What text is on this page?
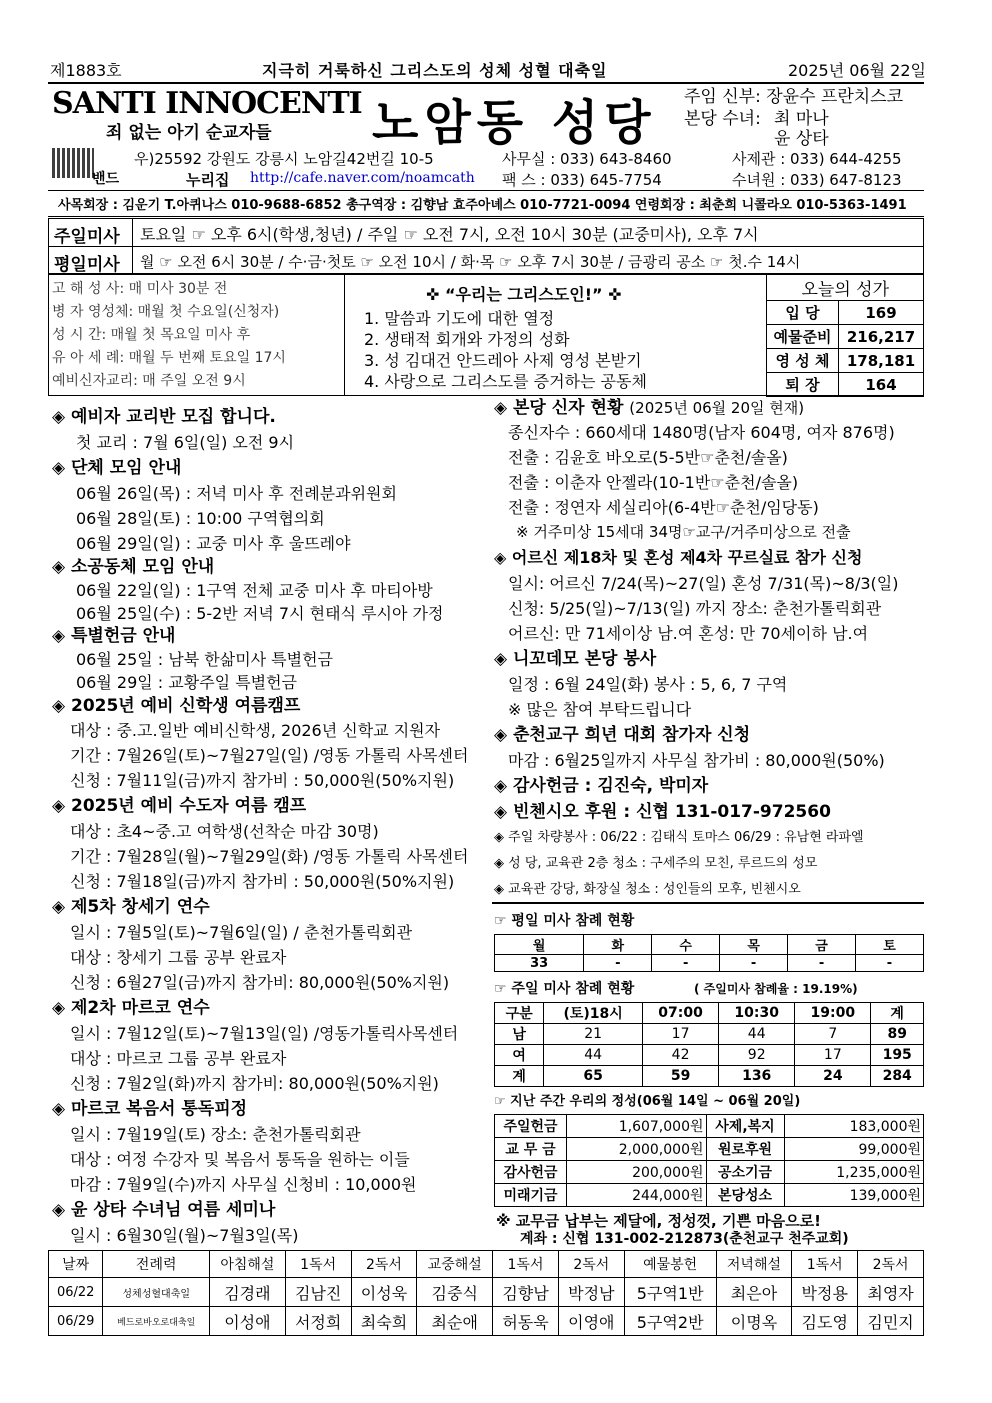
제1883호	지극히 거룩하신 그리스도의 성체 성혈 대축일	2025년 06월 22일
SANTI INNOCENTI
죄 없는 아기 순교자들 노암동 성당 주임 신부: 장윤수 프란치스코
본당 수녀: 최 마나
윤 상타
밴드
우)25592 강원도 강릉시 노암길42번길 10-5
누리집 http://cafe.naver.com/noamcath
사무실 : 033) 643-8460
팩 스 : 033) 645-7754
사제관 : 033) 644-4255
수녀원 : 033) 647-8123
사목회장 : 김운기 T.아퀴나스 010-9688-6852 총구역장 : 김향남 효주아녜스 010-7721-0094 연령회장 : 최춘희 니콜라오 010-5363-1491
주일미사 토요일 ☞ 오후 6시(학생,청년) / 주일 ☞ 오전 7시, 오전 10시 30분 (교중미사), 오후 7시
평일미사 월 ☞ 오전 6시 30분 / 수·금·첫토 ☞ 오전 10시 / 화·목 ☞ 오후 7시 30분 / 금광리 공소 ☞ 첫.수 14시
고 해 성 사: 매 미사 30분 전
병 자 영성체: 매월 첫 수요일(신청자)
성 시 간: 매월 첫 목요일 미사 후
유 아 세 례: 매월 두 번째 토요일 17시
예비신자교리: 매 주일 오전 9시
✜ “우리는 그리스도인!” ✜
1. 말씀과 기도에 대한 열정
2. 생태적 회개와 가정의 성화
3. 성 김대건 안드레아 사제 영성 본받기
4. 사랑으로 그리스도를 증거하는 공동체
오늘의 성가	
입 당	169
예물준비	216,217
영 성 체	178,181
퇴 장	164
◈ 예비자 교리반 모집 합니다.
첫 교리 : 7월 6일(일) 오전 9시
◈ 단체 모임 안내
06월 26일(목) : 저녁 미사 후 전례분과위원회
06월 28일(토) : 10:00 구역협의회
06월 29일(일) : 교중 미사 후 울뜨레야
◈ 소공동체 모임 안내
06월 22일(일) : 1구역 전체 교중 미사 후 마티아방
06월 25일(수) : 5-2반 저녁 7시 현태식 루시아 가정
◈ 특별헌금 안내
06월 25일 : 남북 한삶미사 특별헌금
06월 29일 : 교황주일 특별헌금
◈ 2025년 예비 신학생 여름캠프
대상 : 중.고.일반 예비신학생, 2026년 신학교 지원자
기간 : 7월26일(토)~7월27일(일) /영동 가톨릭 사목센터
신청 : 7월11일(금)까지 참가비 : 50,000원(50%지원)
◈ 2025년 예비 수도자 여름 캠프
대상 : 초4~중.고 여학생(선착순 마감 30명)
기간 : 7월28일(월)~7월29일(화) /영동 가톨릭 사목센터
신청 : 7월18일(금)까지 참가비 : 50,000원(50%지원)
◈ 제5차 창세기 연수
일시 : 7월5일(토)~7월6일(일) / 춘천가톨릭회관
대상 : 창세기 그룹 공부 완료자
신청 : 6월27일(금)까지 참가비: 80,000원(50%지원)
◈ 제2차 마르코 연수
일시 : 7월12일(토)~7월13일(일) /영동가톨릭사목센터
대상 : 마르코 그룹 공부 완료자
신청 : 7월2일(화)까지 참가비: 80,000원(50%지원)
◈ 마르코 복음서 통독피정
일시 : 7월19일(토) 장소: 춘천가톨릭회관
대상 : 여정 수강자 및 복음서 통독을 원하는 이들
마감 : 7월9일(수)까지 사무실 신청비 : 10,000원
◈ 윤 상타 수녀님 여름 세미나
일시 : 6월30일(월)~7월3일(목)
◈ 본당 신자 현황 (2025년 06월 20일 현재)
종신자수 : 660세대 1480명(남자 604명, 여자 876명)
전출 : 김윤호 바오로(5-5반☞춘천/솔올)
전출 : 이춘자 안젤라(10-1반☞춘천/솔올)
전출 : 정연자 세실리아(6-4반☞춘천/임당동)
※ 거주미상 15세대 34명☞교구/거주미상으로 전출
◈ 어르신 제18차 및 혼성 제4차 꾸르실료 참가 신청
일시: 어르신 7/24(목)~27(일) 혼성 7/31(목)~8/3(일)
신청: 5/25(일)~7/13(일) 까지 장소: 춘천가톨릭회관
어르신: 만 71세이상 남.여 혼성: 만 70세이하 남.여
◈ 니꼬데모 본당 봉사
일정 : 6월 24일(화) 봉사 : 5, 6, 7 구역
※ 많은 참여 부탁드립니다
◈ 춘천교구 희년 대회 참가자 신청
마감 : 6월25일까지 사무실 참가비 : 80,000원(50%)
◈ 감사헌금 : 김진숙, 박미자
◈ 빈첸시오 후원 : 신협 131-017-972560
◈ 주일 차량봉사 : 06/22 : 김태식 토마스 06/29 : 유남현 라파엘
◈ 성 당, 교육관 2층 청소 : 구세주의 모친, 루르드의 성모
◈ 교육관 강당, 화장실 청소 : 성인들의 모후, 빈첸시오
☞ 평일 미사 참례 현황
월	화	수	목	금	토
33	-	-	-	-	-
☞ 주일 미사 참례 현황	( 주일미사 참례율 : 19.19%)
구분	(토)18시	07:00	10:30	19:00	계
남	21	17	44	7	89
여	44	42	92	17	195
계	65	59	136	24	284
☞ 지난 주간 우리의 정성(06월 14일 ~ 06월 20일)
주일헌금	1,607,000원	사제,복지	183,000원
교 무 금	2,000,000원	원로후원	99,000원
감사헌금	200,000원	공소기금	1,235,000원
미래기금	244,000원	본당성소	139,000원
※ 교무금 납부는 제달에, 정성껏, 기쁜 마음으로!
계좌 : 신협 131-002-212873(춘천교구 천주교회)
날짜	전례력	아침해설	1독서	2독서	교중해설	1독서	2독서	예물봉헌	저녁해설	1독서	2독서
06/22	성체성혈대축일	김경래	김남진	이성욱	김중식	김향남	박정남	5구역1반	최은아	박정용	최영자
06/29	베드로바오로대축일	이성애	서정희	최숙희	최순애	허동욱	이영애	5구역2반	이명옥	김도영	김민지
